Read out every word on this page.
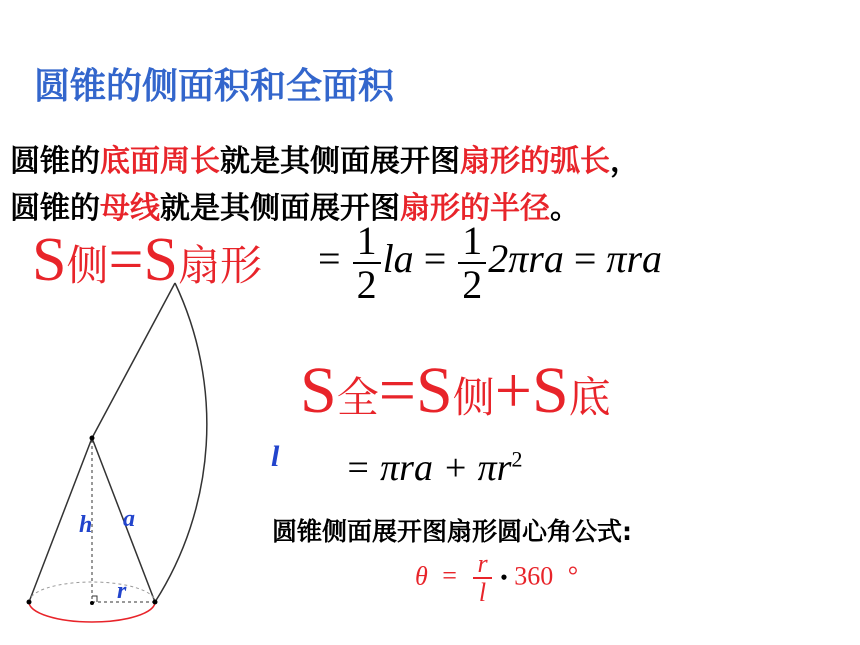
圆锥的侧面积和全面积
圆锥的底面周长就是其侧面展开图扇形的弧长，
圆锥的母线就是其侧面展开图扇形的半径。
l
h a
r
S侧=S扇形 = $\frac{1}{2}$ la = $\frac{1}{2} 2\pi ra = \pi ra$
S全=S侧+S底
= $\pi ra + \pi r^2$
圆锥侧面展开图扇形圆心角公式:
$\theta = \frac{r}{l}$ • 360 °
